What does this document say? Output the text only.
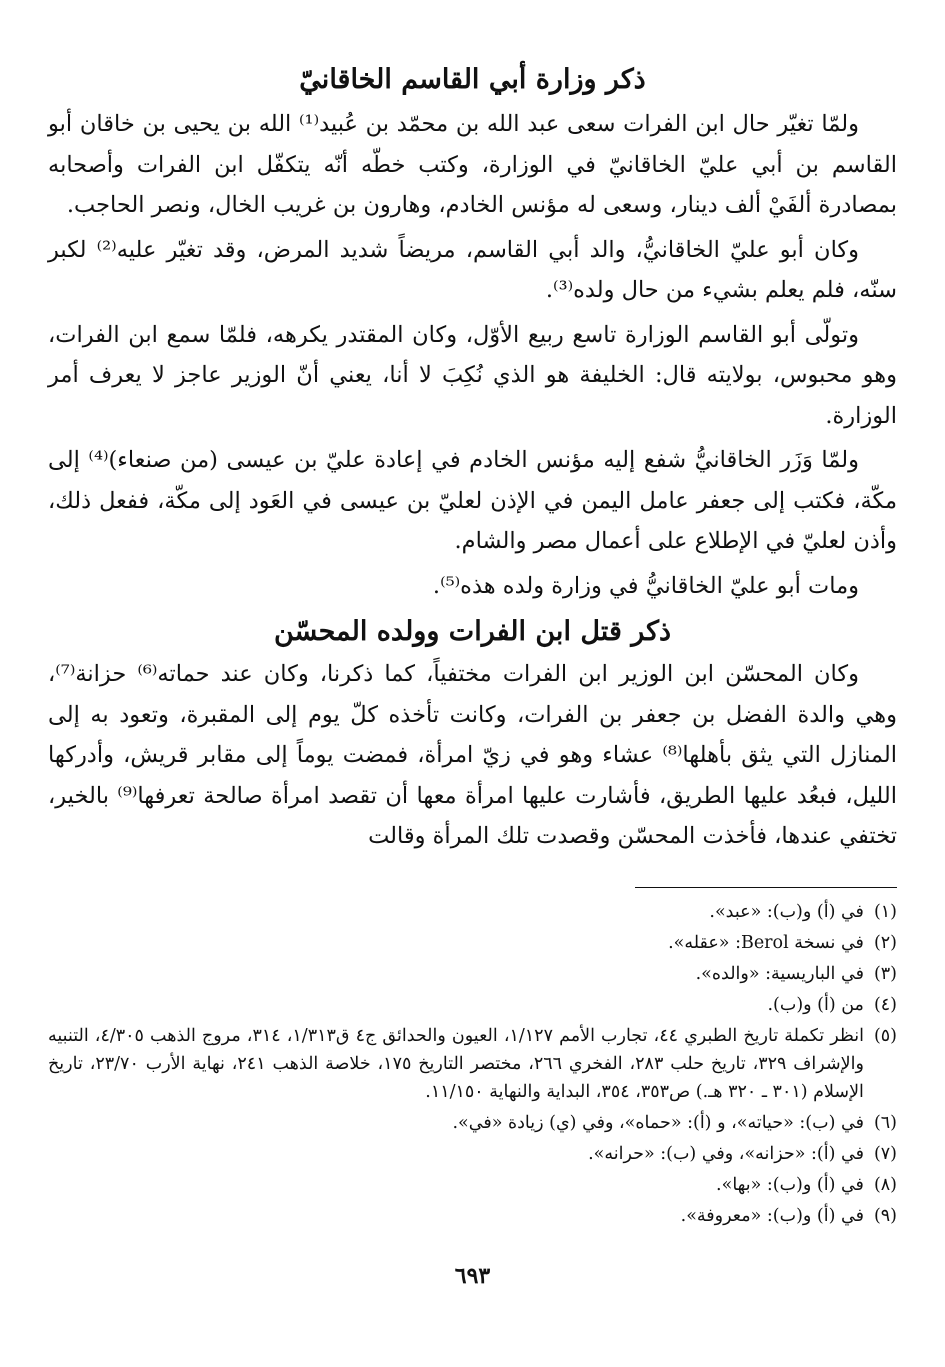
ذكر وزارة أبي القاسم الخاقانيّ

ولمّا تغيّر حال ابن الفرات سعى عبد الله بن محمّد بن عُبيد⁽¹⁾ الله بن يحيى بن خاقان أبو القاسم بن أبي عليّ الخاقانيّ في الوزارة، وكتب خطّه أنّه يتكفّل ابن الفرات وأصحابه بمصادرة ألفَيْ ألف دينار، وسعى له مؤنس الخادم، وهارون بن غريب الخال، ونصر الحاجب.

وكان أبو عليّ الخاقانيُّ، والد أبي القاسم، مريضاً شديد المرض، وقد تغيّر عليه⁽²⁾ لكبر سنّه، فلم يعلم بشيء من حال ولده⁽³⁾.

وتولّى أبو القاسم الوزارة تاسع ربيع الأوّل، وكان المقتدر يكرهه، فلمّا سمع ابن الفرات، وهو محبوس، بولايته قال: الخليفة هو الذي نُكِبَ لا أنا، يعني أنّ الوزير عاجز لا يعرف أمر الوزارة.

ولمّا وَزَر الخاقانيُّ شفع إليه مؤنس الخادم في إعادة عليّ بن عيسى (من صنعاء)⁽⁴⁾ إلى مكّة، فكتب إلى جعفر عامل اليمن في الإذن لعليّ بن عيسى في العَود إلى مكّة، ففعل ذلك، وأذن لعليّ في الإطلاع على أعمال مصر والشام.

ومات أبو عليّ الخاقانيُّ في وزارة ولده هذه⁽⁵⁾.

ذكر قتل ابن الفرات وولده المحسّن

وكان المحسّن ابن الوزير ابن الفرات مختفياً، كما ذكرنا، وكان عند حماته⁽⁶⁾ حزانة⁽⁷⁾، وهي والدة الفضل بن جعفر بن الفرات، وكانت تأخذه كلّ يوم إلى المقبرة، وتعود به إلى المنازل التي يثق بأهلها⁽⁸⁾ عشاء وهو في زيّ امرأة، فمضت يوماً إلى مقابر قريش، وأدركها الليل، فبعُد عليها الطريق، فأشارت عليها امرأة معها أن تقصد امرأة صالحة تعرفها⁽⁹⁾ بالخير، تختفي عندها، فأخذت المحسّن وقصدت تلك المرأة وقالت

(١)
في (أ) و(ب): «عبد».
(٢)
في نسخة Berol: «عقله».
(٣)
في الباريسية: «والده».
(٤)
من (أ) و(ب).
(٥)
انظر تكملة تاريخ الطبري ٤٤، تجارب الأمم ١/١٢٧، العيون والحدائق ج٤ ق١/٣١٣، ٣١٤، مروج الذهب ٤/٣٠٥، التنبيه والإشراف ٣٢٩، تاريخ حلب ٢٨٣، الفخري ٢٦٦، مختصر التاريخ ١٧٥، خلاصة الذهب ٢٤١، نهاية الأرب ٢٣/٧٠، تاريخ الإسلام (٣٠١ ـ ٣٢٠ هـ.) ص٣٥٣، ٣٥٤، البداية والنهاية ١١/١٥٠.
(٦)
في (ب): «حياته»، و (أ): «حماه»، وفي (ي) زيادة «في».
(٧)
في (أ): «حزانه»، وفي (ب): «حرانه».
(٨)
في (أ) و(ب): «بها».
(٩)
في (أ) و(ب): «معروفة».
٦٩٣
